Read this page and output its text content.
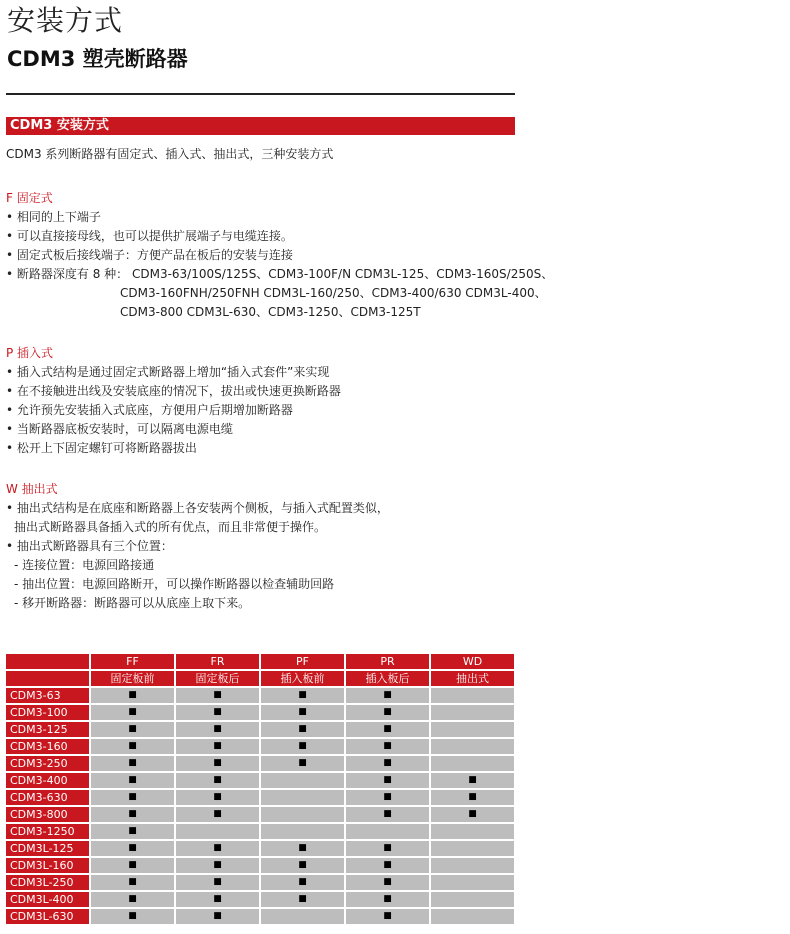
安装方式
CDM3 塑壳断路器
CDM3 安装方式
CDM3 系列断路器有固定式、插入式、抽出式，三种安装方式
F 固定式
• 相同的上下端子
• 可以直接接母线，也可以提供扩展端子与电缆连接。
• 固定式板后接线端子：方便产品在板后的安装与连接
• 断路器深度有 8 种： CDM3-63/100S/125S、CDM3-100F/N CDM3L-125、CDM3-160S/250S、
CDM3-160FNH/250FNH CDM3L-160/250、CDM3-400/630 CDM3L-400、
CDM3-800 CDM3L-630、CDM3-1250、CDM3-125T
P 插入式
• 插入式结构是通过固定式断路器上增加“插入式套件”来实现
• 在不接触进出线及安装底座的情况下，拔出或快速更换断路器
• 允许预先安装插入式底座，方便用户后期增加断路器
• 当断路器底板安装时，可以隔离电源电缆
• 松开上下固定螺钉可将断路器拔出
W 抽出式
• 抽出式结构是在底座和断路器上各安装两个侧板，与插入式配置类似，
抽出式断路器具备插入式的所有优点，而且非常便于操作。
• 抽出式断路器具有三个位置：
- 连接位置：电源回路接通
- 抽出位置：电源回路断开，可以操作断路器以检查辅助回路
- 移开断路器：断路器可以从底座上取下来。
	FF	FR	PF	PR	WD
	固定板前	固定板后	插入板前	插入板后	抽出式
CDM3-63	■	■	■	■	
CDM3-100	■	■	■	■	
CDM3-125	■	■	■	■	
CDM3-160	■	■	■	■	
CDM3-250	■	■	■	■	
CDM3-400	■	■		■	■
CDM3-630	■	■		■	■
CDM3-800	■	■		■	■
CDM3-1250	■				
CDM3L-125	■	■	■	■	
CDM3L-160	■	■	■	■	
CDM3L-250	■	■	■	■	
CDM3L-400	■	■	■	■	
CDM3L-630	■	■		■	
